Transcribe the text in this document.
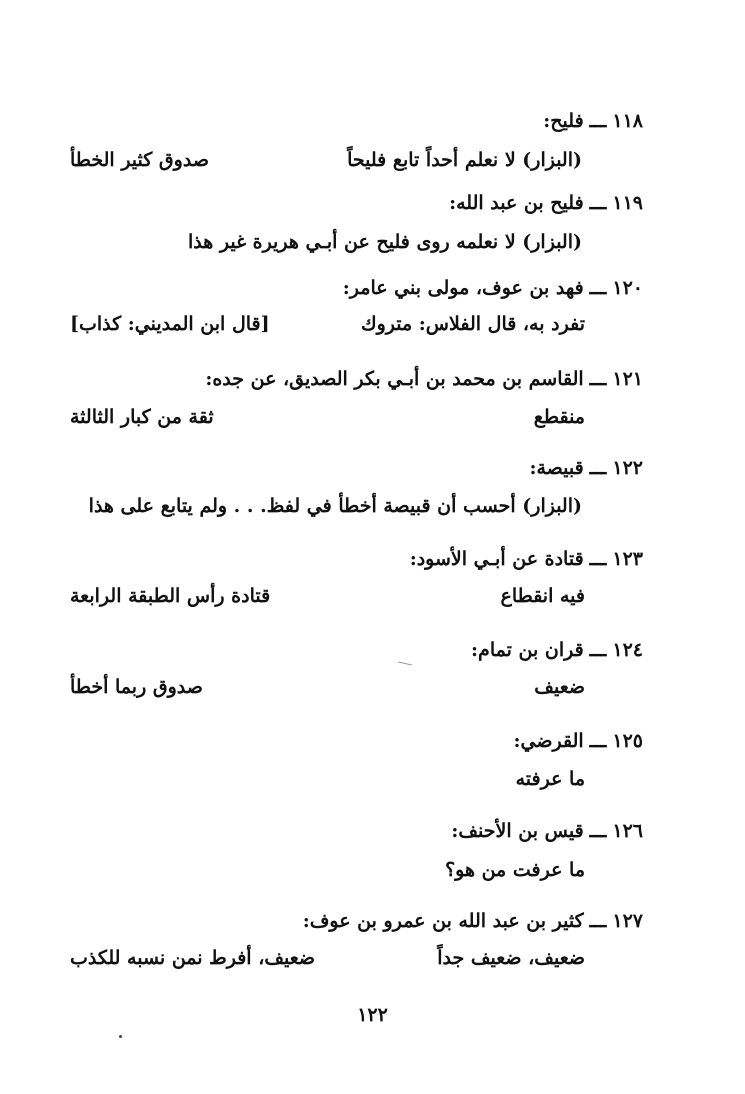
١١٨ـــفليح:
(البزار) لا نعلم أحداً تابع فليحاً
صدوق كثير الخطأ
١١٩ـــفليح بن عبد الله:
(البزار) لا نعلمه روى فليح عن أبـي هريرة غير هذا
١٢٠ـــفهد بن عوف، مولى بني عامر:
تفرد به، قال الفلاس: متروك
[قال ابن المديني: كذاب]
١٢١ـــالقاسم بن محمد بن أبـي بكر الصديق، عن جده:
منقطع
ثقة من كبار الثالثة
١٢٢ـــقبيصة:
(البزار) أحسب أن قبيصة أخطأ في لفظ. . . ولم يتابع على هذا
١٢٣ـــقتادة عن أبـي الأسود:
فيه انقطاع
قتادة رأس الطبقة الرابعة
١٢٤ـــقران بن تمام:
ضعيف
صدوق ربما أخطأ
١٢٥ـــالقرضي:
ما عرفته
١٢٦ـــقيس بن الأحنف:
ما عرفت من هو؟
١٢٧ـــكثير بن عبد الله بن عمرو بن عوف:
ضعيف، ضعيف جداً
ضعيف، أفرط نمن نسبه للكذب
١٢٢
